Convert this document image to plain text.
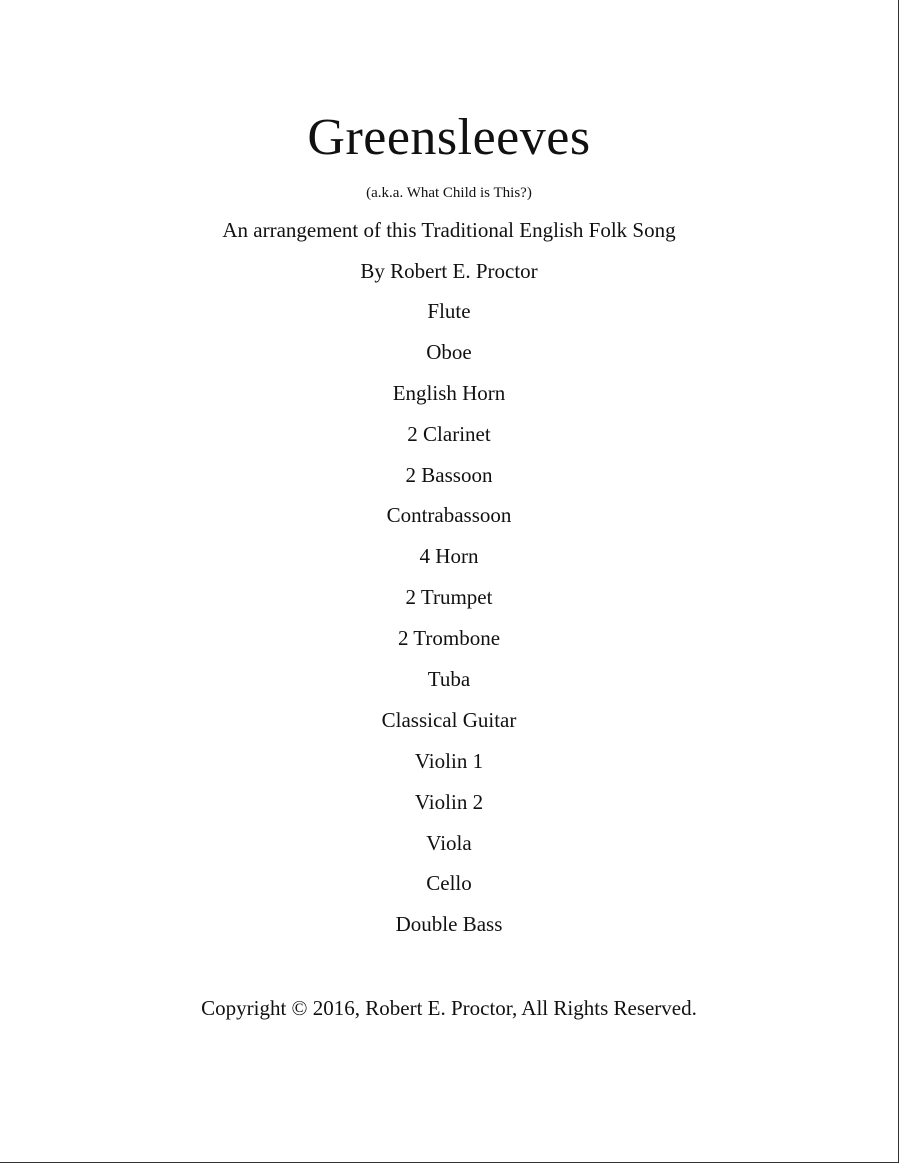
Greensleeves
(a.k.a. What Child is This?)
An arrangement of this Traditional English Folk Song
By Robert E. Proctor
Flute
Oboe
English Horn
2 Clarinet
2 Bassoon
Contrabassoon
4 Horn
2 Trumpet
2 Trombone
Tuba
Classical Guitar
Violin 1
Violin 2
Viola
Cello
Double Bass
Copyright © 2016, Robert E. Proctor, All Rights Reserved.
